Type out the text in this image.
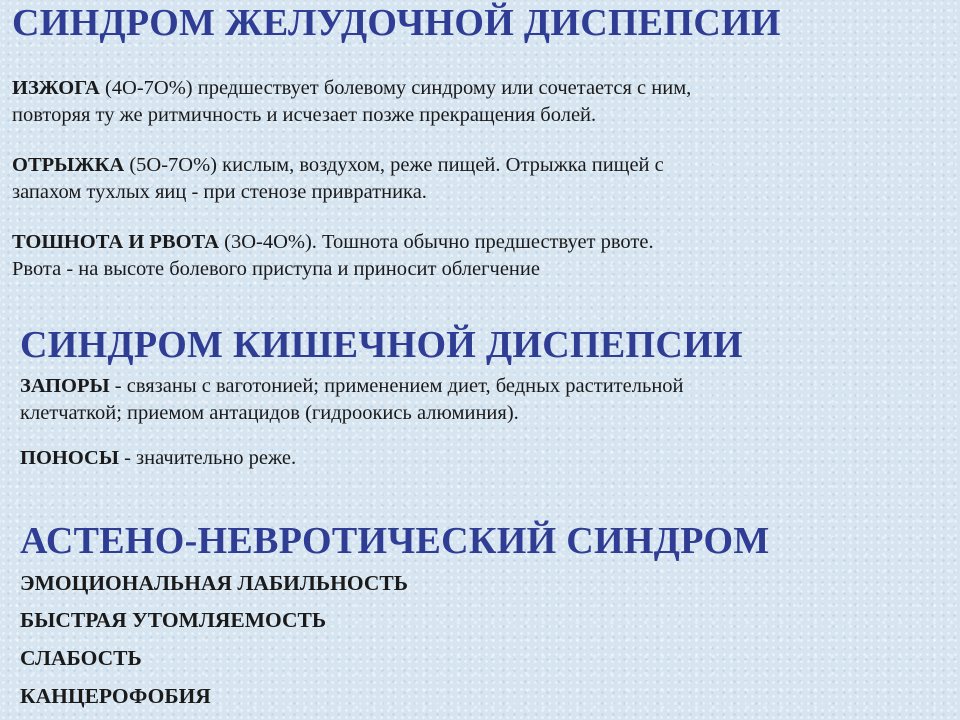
СИНДРОМ ЖЕЛУДОЧНОЙ ДИСПЕПСИИ

ИЗЖОГА (4О-7О%) предшествует болевому синдрому или сочетается с ним,
повторяя ту же ритмичность и исчезает позже прекращения болей.

ОТРЫЖКА (5О-7О%) кислым, воздухом, реже пищей. Отрыжка пищей с
запахом тухлых яиц - при стенозе привратника.

ТОШНОТА И РВОТА (3О-4О%). Тошнота обычно предшествует рвоте.
Рвота - на высоте болевого приступа и приносит облегчение

СИНДРОМ КИШЕЧНОЙ ДИСПЕПСИИ

ЗАПОРЫ - связаны с ваготонией; применением диет, бедных растительной
клетчаткой; приемом антацидов (гидроокись алюминия).

ПОНОСЫ - значительно реже.

АСТЕНО-НЕВРОТИЧЕСКИЙ СИНДРОМ

ЭМОЦИОНАЛЬНАЯ ЛАБИЛЬНОСТЬ

БЫСТРАЯ УТОМЛЯЕМОСТЬ

СЛАБОСТЬ

КАНЦЕРОФОБИЯ
